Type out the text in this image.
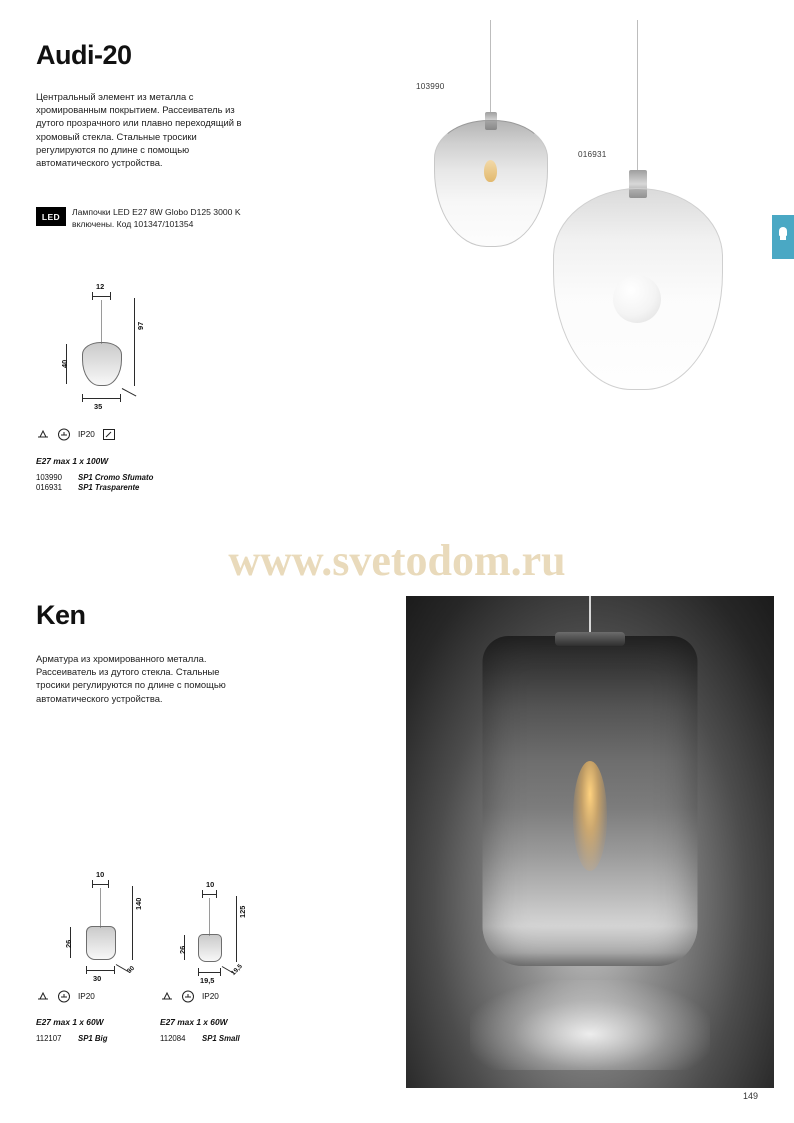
Audi-20
Центральный элемент из металла с хромированным покрытием. Рассеиватель из дутого прозрачного или плавно переходящий в хромовый стекла. Стальные тросики регулируются по длине с помощью автоматического устройства.
LED	Лампочки LED E27 8W Globo D125 3000 K включены. Код 101347/101354
103990
016931
12
97
40
35
IP20
E27 max 1 x 100W
103990 SP1 Cromo Sfumato
016931 SP1 Trasparente
www.svetodom.ru
Ken
Арматура из хромированного металла. Рассеиватель из дутого стекла. Стальные тросики регулируются по длине с помощью автоматического устройства.
10
140
26
30
30
10
125
26
19,5
19,5
IP20	IP20
E27 max 1 x 60W	E27 max 1 x 60W
112107 SP1 Big	112084 SP1 Small
149
